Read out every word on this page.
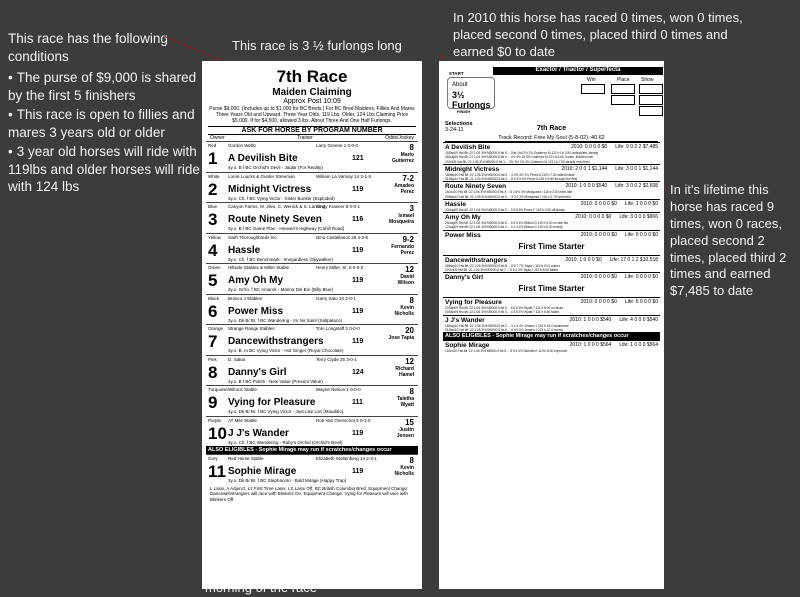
This race has the following conditions
• The purse of $9,000 is shared by the first 5 finishers
• This race is open to fillies and mares 3 years old or older
• 3 year old horses will ride with 119lbs and older horses will ride with 124 lbs
This race is 3 ½ furlongs long
In 2010 this horse has raced 0 times, won 0 times, placed second 0 times, placed third 0 times and earned $0 to date
In it's lifetime this horse has raced 9 times, won 0 races, placed second 2 times, placed third 2 times and earned $7,485 to date
7th Race
Maiden Claiming
Approx Post 10:09
Purse $9,000. (Includes up to $1,000 for BC Breds.) For BC Bred Maidens, Fillies And Mares Three Years Old and Upward. Three Year Olds, 119 Lbs. Older, 124 Lbs Claiming Price $5,000. If for $4,500, allowed 3 lbs. About Three And One Half Furlongs.
ASK FOR HORSE BY PROGRAM NUMBER
Owner	Trainer	Odds/Jockey
Red
1
Gordon Webb	Larry Greene 1 0-0-0	8
A Devilish Bite	121	Mario Gutierrez
4y.o. B f BC Orchid's Devil - Jaqlar (For Reality)
White
2
Lorne Loucks & Gunter Streeman	William La Vannay 14 2-1-5	7-2
Midnight Victress	119	Amadeo Perez
3y.o. Ch. f BC Vying Victor - Sister Bunker (Exploded)
Blue
3
Canyon Farms, M. Jiles, C. Wenick & S. Lansing
Cindy Krasner 8 0-0-1	3
Route Ninety Seven	116	Ismael Mosqueira
3y.o. B f BC Game Plan - Heaven's Highway (Cahill Road)
Yellow
4
Swift Thoroughbreds Inc.	Dino Castellanos 28 4-3-5	9-2
Hassle	119	Fernando Perez
3y.o. Ch. f BC Benchmark - Imegardless (Skywalker)
Green
5
Hillside Stables & Miller Stable	Henry Miller, Sr. 6 0-0-0	12
Amy Oh My	119	David Wilson
3y.o. Gr/ro. f BC Amarok - Marina Del Boi (Billy Blue)
Black
6
Bronco J Stables	Garry Sato 10 2-0-1	8
Power Miss	119	Kevin Nicholls
3y.o. Dk B/ Br. f BC Wandering - Im No Saint (Saltpalaco)
Orange
7
Strange Range Stables	Tom Longstaff 3 0-0-0	20
Dancewithstrangers	119	Jose Tapia
3y.o. B. m BC Vying Victor - Hot Ginger (Royal Chocolate)
Pink
8
D. Sakai	Terry Clyde 25 3-0-1	12
Danny's Girl	124	Richard Hamel
4y.o. B f BC Polish - New Value (Present Value)
Turquoise
9
Wilrock Stable	Wayne Nelson 1 0-0-0	8
Vying for Pleasure	111	Taletha Wyatt
4y.o. Dk B/ Br. f BC Vying Victor - Just Like Lori (Mauditio)
Purple
10
AT Mile Stable	Rob Van Overschot 5 0-1-0	15
J J's Wander	119	Justin Jensen
3y.o. Ch. f BC Wandering - Ruby's Orchid (Orchid's Devil)
ALSO ELIGIBLES - Sophie Mirage may run if scratches/changes occur
Grey
11
Red Horse Stable	Elizabeth Stoltenberg 14 2-3-1	8
Sophie Mirage	119	Kevin Nicholls
3y.o. Dk B/ Br. f BC Stephanoto - Bold Mirage (Happy Trap)
L Lasix, A Adjunct, L1 First Time Lasix, LX Lasix Off, BC British Columbia Bred. Equipment Change: Dancewithstrangers will race with Blinkers On. Equipment Change: Vying for Pleasure will race with Blinkers Off.
Exactor / Triactor / Superfecta
START
About
3½ Furlongs
FINISH
Win	Place Show
Selections
3-24-11	7th Race
Track Record: Free My Soul (5-8-02) :40.62
A Devilish Bite	2010: 0 0 0 0 $0 Life: 9 0 2 2 $7,485
15Sep09 Hst 6ft :22 1:05 3½f M5000-5 fst 5 ... 2hd 1hd 2½ 2¾ Gutierrez M 121 b Lb 3.50 outfinished, steady
08Aug09 Hst 6ft :21 1:04 3½f M5000-5 fst 4 ... 4½ 4½ 32 3½ Gutierrez M 121 b 5.60 3-wide, finished well
19Jul09 Hst 6ft :22 1:05 3½f M5000-5 fst 1 ... 3½ 3½ 3½ 3½ Gutierrez M 121 Lb 7.90 steady, held third
Midnight Victress	2010: 2 0 0 1 $1,144 Life: 3 0 0 1 $1,144
18May10 Hst 6ft :22 1:06 3½f M5000-5 fst 5 ... 4 3½ 3½ 3¾ Perez A 119 b 7.00 rallied inside
01May10 Hst 6ft :21 1:04 3½f M5000-5 fst 4 ... 6 5 4½ 5½ Perez A 119 b 5.80 through the field
Route Ninety Seven	2010: 1 0 0 0 $540 Life: 3 0 0 2 $2,608
15Jun10 Hst 6ft :22 1:06 3½f M5000-5 fst 4 ... 5 4 4½ 4½ Mosqueira I 116 b 3.00 even late
09May10 Hst 6ft :22 1:05 3½f M5000-5 fst 3 ... 3 3 3 3½ Mosqueira I 116 b 2.70 held third
Hassle	2010: 0 0 0 0 $0 Life: 1 0 0 0 $0
23Aug09 Hst 6ft :22 1:06 3½f M5000-5 fst 9 ... 9 9 8 8½ Perez F 119 b 4.50 off slowly
Amy Oh My	2010: 0 0 0 0 $0 Life: 3 0 0 0 $966
29Aug09 Hst 6ft :22 1:06 3½f M5000-5 fst 6 ... 6 5 5 5½ Wilson D 119 b 9.00 no late bid
12Aug09 Hst 6ft :22 1:05 3½f M5000-5 fst 4 ... 4 4 4 4½ Wilson D 119 b 6.30 evenly
Power Miss	2010: 0 0 0 0 $0 Life: 0 0 0 0 $0
First Time Starter
Dancewithstrangers	2010: 1 0 0 0 $0 Life: 17 0 1 2 $10,518
18May10 Hst 6ft :22 1:06 3½f M5000-5 fst 8 ... 8 8 7 7½ Tapia J 119 b 20.0 outrun
02Oct09 Hst 6ft :22 1:06 3½f M5000-5 fst 7 ... 5 5 4 3½ Tapia J 119 b 8.00 rallied
Danny's Girl	2010: 0 0 0 0 $0 Life: 0 0 0 0 $0
First Time Starter
Vying for Pleasure	2010: 0 0 0 0 $0 Life: 6 0 0 0 $0
20Sep09 Hst 6ft :22 1:06 3½f M5000-5 fst 5 ... 6 6 6 6½ Wyatt T 111 b 8.00 no factor
03Sep09 Hst 6ft :22 1:05 3½f M5000-5 fst 3 ... 4 4 5 5½ Wyatt T 111 b 6.50 faded
J J's Wander	2010: 1 0 0 0 $540 Life: 4 0 0 0 $540
18May10 Hst 6ft :22 1:06 3½f M5000-5 fst 2 ... 3 4 4 4½ Jensen J 119 b 15.0 weakened
01May10 Hst 6ft :22 1:05 3½f M5000-5 fst 6 ... 6 6 5 5½ Jensen J 119 b 12.0 evenly
ALSO ELIGIBLES - Sophie Mirage may run if scratches/changes occur
Sophie Mirage	2010: 1 0 0 0 $564 Life: 1 0 0 0 $564
15Jun10 Hst 6ft :22 1:06 3½f M5000-5 fst 5 ... 5 5 4 4½ Nicholls K 119 b 8.00 improved
